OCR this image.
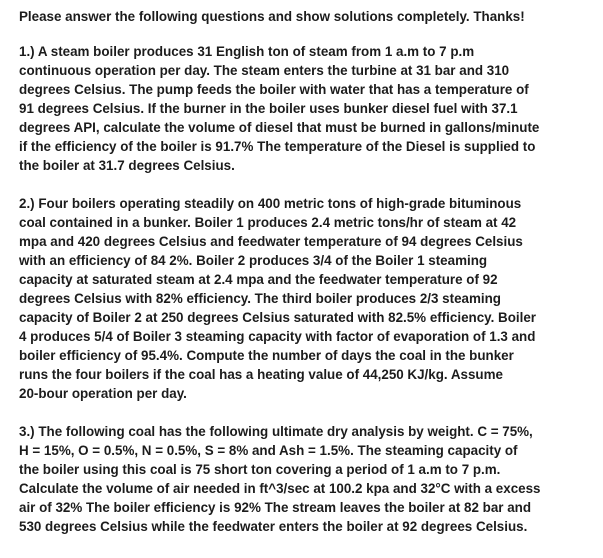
Please answer the following questions and show solutions completely. Thanks!
1.) A steam boiler produces 31 English ton of steam from 1 a.m to 7 p.m
continuous operation per day. The steam enters the turbine at 31 bar and 310
degrees Celsius. The pump feeds the boiler with water that has a temperature of
91 degrees Celsius. If the burner in the boiler uses bunker diesel fuel with 37.1
degrees API, calculate the volume of diesel that must be burned in gallons/minute
if the efficiency of the boiler is 91.7% The temperature of the Diesel is supplied to
the boiler at 31.7 degrees Celsius.
2.) Four boilers operating steadily on 400 metric tons of high-grade bituminous
coal contained in a bunker. Boiler 1 produces 2.4 metric tons/hr of steam at 42
mpa and 420 degrees Celsius and feedwater temperature of 94 degrees Celsius
with an efficiency of 84 2%. Boiler 2 produces 3/4 of the Boiler 1 steaming
capacity at saturated steam at 2.4 mpa and the feedwater temperature of 92
degrees Celsius with 82% efficiency. The third boiler produces 2/3 steaming
capacity of Boiler 2 at 250 degrees Celsius saturated with 82.5% efficiency. Boiler
4 produces 5/4 of Boiler 3 steaming capacity with factor of evaporation of 1.3 and
boiler efficiency of 95.4%. Compute the number of days the coal in the bunker
runs the four boilers if the coal has a heating value of 44,250 KJ/kg. Assume
20-bour operation per day.
3.) The following coal has the following ultimate dry analysis by weight. C = 75%,
H = 15%, O = 0.5%, N = 0.5%, S = 8% and Ash = 1.5%. The steaming capacity of
the boiler using this coal is 75 short ton covering a period of 1 a.m to 7 p.m.
Calculate the volume of air needed in ft^3/sec at 100.2 kpa and 32°C with a excess
air of 32% The boiler efficiency is 92% The stream leaves the boiler at 82 bar and
530 degrees Celsius while the feedwater enters the boiler at 92 degrees Celsius.
